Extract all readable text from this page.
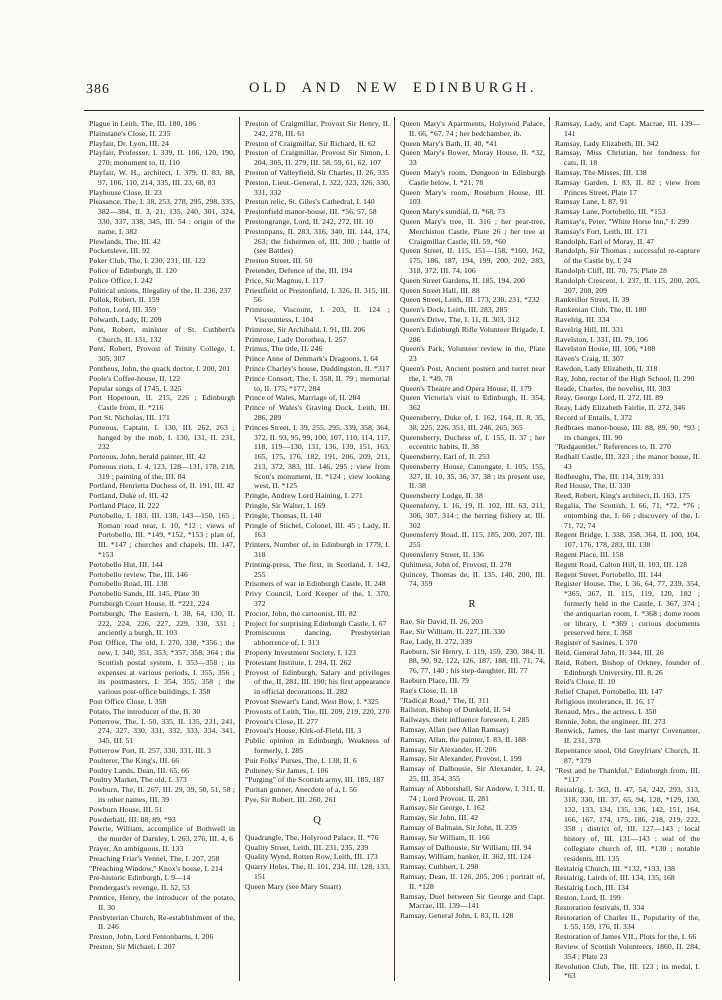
386	OLD AND NEW EDINBURGH.
Plague in Leith, The, III. 180, 186
Plainstane's Close, II. 235
Playfair, Dr. Lyon, III. 24
Playfair, Professor, I. 339, II. 106, 120, 190, 270; monument to, II. 110
Playfair, W. H., architect, I. 379, II. 83, 88, 97, 106, 110, 214, 335, III. 23, 68, 83
Playhouse Close, II. 23
Pleasance, The, I. 38, 253, 278, 295, 298, 335, 382—384, II. 3, 21, 135, 240, 301, 324, 330, 337, 338, 345, III. 54 : origin of the name, I. 382
Plewlands, The, III. 42
Pocketsleve, III. 92
Poker Club, The, I. 230, 231, III. 122
Police of Edinburgh, II. 120
Police Office, I. 242
Political unions, Illegality of the, II. 236, 237
Pollok, Robert, II. 159
Polton, Lord, III. 359
Polwarth, Lady, II. 209
Pont, Robert, minister of St. Cuthbert's Church, II. 131, 132
Pont, Robert, Provost of Trinity College, I. 305, 307
Pontheus, John, the quack doctor, I. 200, 201
Poole's Coffee-house, II. 122
Popular songs of 1745, I. 325
Port Hopetoun, II. 215, 226 ; Edinburgh Castle from, II. *216
Port St. Nicholas, III. 171
Porteous, Captain, I. 130, III. 262, 263 ; hanged by the mob, I. 130, 131, II. 231, 232
Porteous, John, herald painter, III. 42
Porteous riots, I. 4, 123, 128—131, 178, 218, 319 ; painting of the, III. 84
Portland, Henrietta Duchess of, II. 191, III. 42
Portland, Duke of, III. 42
Portland Place, II. 222
Portobello, I. 183, III. 138, 143—150, 165 ; Roman road near, I. 10, *12 ; views of Portobello, III. *149, *152, *153 ; plan of, III. *147 ; churches and chapels, III. 147, *153
Portobello Hut, III. 144
Portobello review, The, III. 146
Portobello Road, III. 138
Portobello Sands, III. 145, Plate 30
Portsburgh Court House, II. *221, 224
Portsburgh, The Eastern, I. 38, 64, 130, II. 222, 224, 226, 227, 229, 330, 331 ; anciently a burgh, II. 103
Post Office, The old, I. 270, 338, *356 ; the new, I. 340, 351, 353, *357, 358, 364 ; the Scottish postal system, I. 353—358 ; its expenses at various periods, I. 355, 356 ; its postmasters, I. 354, 355, 358 ; the various post-office buildings, I. 358
Post Office Close, I. 358
Potato, The introducer of the, II. 30
Potterrow, The, I. 50, 335, II. 135, 231, 241, 274, 327, 330, 331, 332, 333, 334, 341, 345, III. 51
Potterrow Port, II. 257, 330, 331, III. 3
Poulterer, The King's, III. 66
Poultry Lands, Dean, III. 65, 66
Poultry Market, The old, I. 373
Powburn, The, II. 267, III. 29, 39, 50, 51, 58 ; its other names, III. 39
Powburn House, III. 51
Powderhall, III. 88, 89, *93
Powrie, William, accomplice of Bothwell in the murder of Darnley, I. 263, 276, III. 4, 6
Prayer, An ambiguous, II. 133
Preaching Friar's Vennel, The, I. 207, 258
"Preaching Window," Knox's house, I. 214
Pre-historic Edinburgh, I. 9—14
Prendergast's revenge, II. 52, 53
Prentice, Henry, the introducer of the potato, II. 30
Presbyterian Church, Re-establishment of the, II. 246
Preston, John, Lord Fentonbarns, I. 206
Preston, Sir Michael, I. 207
Preston of Craigmillar, Provost Sir Henry, II. 242, 278, III. 61
Preston of Craigmillar, Sir Richard, II. 62
Preston of Craigmillar, Provost Sir Simon, I. 204, 305, II. 279, III. 58, 59, 61, 62, 107
Preston of Valleyfield, Sir Charles, II. 26, 335
Preston, Lieut.-General, I. 322, 323, 326, 330, 331, 332
Preston relic, St. Giles's Cathedral, I. 140
Prestonfield manor-house, III. *56, 57, 58
Prestongrange, Lord, II. 242, 272, III. 10
Prestonpans, II. 283, 316, 340, III. 144, 174, 263; the fishermen of, III. 300 ; battle of (see Battles)
Preston Street, III. 50
Pretender, Defence of the, III. 194
Price, Sir Magnus, I. 117
Priestfield or Prestonfield, I. 326, II. 315, III. 56
Primrose, Viscount, I. 203, II. 124 ; Viscountess, I. 104
Primrose, Sir Archibald, I. 91, III. 206
Primrose, Lady Dorothea, I. 257
Primus, The title, II. 246
Prince Anne of Denmark's Dragoons, I. 64
Prince Charley's house, Duddingston, II. *317
Prince Consort, The, I. 358, II. 79 ; memorial to, II. 175, *177, 284
Prince of Wales, Marriage of, II. 284
Prince of Wales's Graving Dock, Leith, III. 286, 289
Princes Street, I. 39, 255, 295, 339, 358, 364, 372, II. 93, 95, 99, 100, 107, 110, 114, 117, 118, 119—130, 131, 136, 139, 151, 163, 165, 175, 176, 182, 191, 206, 209, 211, 213, 372, 383, III. 146, 295 ; view from Scott's monument, II. *124 ; view looking west, II. *125
Pringle, Andrew Lord Haining, I. 271
Pringle, Sir Walter, I. 169
Pringle, Thomas, II. 140
Pringle of Stichel, Colonel, III. 45 ; Lady, II. 163
Printers, Number of, in Edinburgh in 1779, I. 318
Printing-press, The first, in Scotland, I. 142, 255
Prisoners of war in Edinburgh Castle, II. 248
Privy Council, Lord Keeper of the, I. 370, 372
Proctor, John, the cartoonist, III. 82
Project for surprising Edinburgh Castle, I. 67
Promiscuous dancing, Presbyterian abhorrence of, I. 313
Property Investment Society, I. 123
Protestant Institute, I. 294, II. 262
Provost of Edinburgh, Salary and privileges of the, II. 281, III. 190; his first appearance in official decorations, II. 282
Provost Stewart's Land, West Bow, I. *325
Provosts of Leith, The, III. 209, 219, 220, 270
Provost's Close, II. 277
Provost's House, Kirk-of-Field, III. 3
Public opinion in Edinburgh, Weakness of formerly, I. 285
Puir Folks' Purses, The, I. 138, II. 6
Pulteney, Sir James, I. 106
"Purging" of the Scottish army, III. 185, 187
Puritan gunner, Anecdote of a, I. 56
Pye, Sir Robert, III. 260, 261
Q
Quadrangle, The, Holyrood Palace, II. *76
Quality Street, Leith, III. 231, 235, 239
Quality Wynd, Rotten Row, Leith, III. 173
Quarry Holes, The, II. 101, 234, III. 128, 133, 151
Queen Mary (see Mary Stuart)
Queen Mary's Apartments, Holyrood Palace, II. 66, *67, 74 ; her bedchamber, ib.
Queen Mary's Bath, II. 40, *41
Queen Mary's Bower, Moray House, II. *32, 33
Queen Mary's room, Dungeon in Edinburgh Castle below, I. *21, 78
Queen Mary's room, Roseburn House, III. 103
Queen Mary's sundial, II. *68, 73
Queen Mary's tree, II. 316 ; her pear-tree, Merchiston Castle, Plate 26 ; her tree at Craigmillar Castle, III. 59, *60
Queen Street, II. 115, 151—158, *160, 162, 175, 186, 187, 194, 199, 200, 202, 283, 318, 372, III. 74, 106
Queen Street Gardens, II. 185, 194, 200
Queen Street Hall, III. 88
Queen Street, Leith, III. 173, 230, 231, *232
Queen's Dock, Leith, III. 283, 285
Queen's Drive, The, I. 11, II. 303, 312
Queen's Edinburgh Rifle Volunteer Brigade, I. 286
Queen's Park, Volunteer review in the, Plate 23
Queen's Post, Ancient postern and turret near the, I. *49, 78
Queen's Theatre and Opera House, II. 179
Queen Victoria's visit to Edinburgh, II. 354, 362
Queensberry, Duke of, I. 162, 164, II. 8, 35, 38, 225, 226, 351, III. 246, 265, 365
Queensberry, Duchess of, I. 155, II. 37 ; her eccentric habits, II. 38
Queensberry, Earl of, II. 253
Queensberry House, Canongate, I. 105, 155, 327, II. 10, 35, 36, 37, 38 ; its present use, II. 38
Queensberry Lodge, II. 38
Queensferry, I. 16, 19, II. 102, III. 63, 211, 306, 307, 314 ; the herring fishery at, III. 302
Queensferry Road, II. 115, 185, 200, 207, III. 255
Queensferry Street, II. 136
Quhitness, John of, Provost, II. 278
Quincey, Thomas de, II. 135, 140, 200, III. 74, 359
R
Rae, Sir David, II. 26, 203
Rae, Sir William, II. 227, III. 330
Rae, Lady, II. 272, 339
Raeburn, Sir Henry, I. 119, 159, 230, 384, II. 88, 90, 92, 122, 126, 187, 188, III. 71, 74, 76, 77, 140 ; his step-daughter, III. 77
Raeburn Place, III. 79
Rae's Close, II. 18
"Radical Road," The, II. 311
Railston, Bishop of Dunkeld, II. 54
Railways, their influence foreseen, I. 285
Ramsay, Allan (see Allan Ramsay)
Ramsay, Allan, the painter, I. 83, II. 188
Ramsay, Sir Alexander, II. 206
Ramsay, Sir Alexander, Provost, I. 199
Ramsay of Dalhousie, Sir Alexander, I. 24, 25, III. 354, 355
Ramsay of Abbotshall, Sir Andrew, I. 311, II. 74 ; Lord Provost, II. 281
Ramsay, Sir George, I. 162
Ramsay, Sir John, III. 42
Ramsay of Balmain, Sir John, II. 239
Ramsay, Sir William, II. 166
Ramsay of Dalhousie, Sir William, III. 94
Ramsay, William, banker, II. 362, III. 124
Ramsay, Cuthbert, I. 298
Ramsay, Dean, II. 126, 205, 206 ; portrait of, II. *128
Ramsay, Duel between Sir George and Capt. Macrae, III. 139—141
Ramsay, General John, I. 83, II. 128
Ramsay, Lady, and Capt. Macrae, III. 139—141
Ramsay, Lady Elizabeth, III. 342
Ramsay, Miss Christian, her fondness for cats, II. 18
Ramsay, The Misses, III. 138
Ramsay Garden, I. 83, II. 82 ; view from Princes Street, Plate 17
Ramsay Lane, I. 87, 91
Ramsay Lane, Portobello, III. *153
Ramsay's, Peter, "White Horse Inn," I. 299
Ramsay's Fort, Leith, III. 171
Randolph, Earl of Moray, II. 47
Randolph, Sir Thomas ; successful re-capture of the Castle by, I. 24
Randolph Cliff, III. 70, 75, Plate 28
Randolph Crescent, I. 237, II. 115, 200, 205, 207, 208, 209
Rankeillor Street, II. 39
Rankenian Club, The, II. 180
Ravelrig, III. 334
Ravelrig Hill, III. 331
Ravelston, I. 331, III. 79, 106
Ravelston House, III. 106, *108
Raven's Craig, II. 307
Rawdon, Lady Elizabeth, II. 318
Ray, John, rector of the High School, II. 290
Reade, Charles, the novelist, III. 303
Reay, George Lord, II. 272, III. 89
Reay, Lady Elizabeth Fairlie, II. 272, 346
Record of Entails, I. 372
Redbraes manor-house, III. 88, 89, 90, *93 ; its changes, III. 90
"Redgauntlet," References to, II. 270
Redhall Castle, III. 323 ; the manor house, II. 43
Redheughs, The, III. 114, 319, 331
Red House, The, II. 330
Reed, Robert, King's architect, II. 163, 175
Regalia, The Scottish, I. 66, 71, *72, *76 ; entombing the, I. 66 ; discovery of the, I. 71, 72, 74
Regent Bridge, I. 338, 358, 364, II. 100, 104, 107, 176, 178, 283, III. 138
Regent Place, III. 158
Regent Road, Calton Hill, II. 103, III. 128
Regent Street, Portobello, III. 144
Register House, The, I. 36, 64, 77, 239, 354, *365, 367, II. 115, 119, 120, 182 ; formerly held in the Castle, I. 367, 374 ; the antiquarian room, I. *368 ; dome room or library, I. *369 ; curious documents preserved here, I. 368
Register of Sasines, I. 370
Reid, General John, II. 344, III. 26
Reid, Robert, Bishop of Orkney, founder of Edinburgh University, III. 8, 26
Reid's Close, II. 10
Relief Chapel, Portobello, III. 147
Religious intolerance, II. 16, 17
Renaud, Mrs., the actress, I. 350
Rennie, John, the engineer, III. 273
Renwick, James, the last martyr Covenanter, II. 231, 378
Repentance stool, Old Greyfriars' Church, II. 87, *379
"Rest and be Thankful," Edinburgh from, III. *117
Restalrig, I. 363, II. 47, 54, 242, 293, 313, 318, 330, III. 37, 65, 94, 128, *129, 130, 132, 133, 134, 135, 136, 142, 151, 164, 166, 167, 174, 175, 186, 218, 219, 222, 358 ; district of, III. 127—143 ; local history of, III. 131—143 ; seal of the collegiate church of, III. *130 ; notable residents, III. 135
Restalrig Church, III. *132, *133, 138
Restalrig, Lairds of, III. 134, 135, 168
Restalrig Loch, III. 134
Reston, Lord, II. 199
Restoration festivals, II. 334
Restoration of Charles II., Popularity of the, I. 55, 159, 176, II. 334
Restoration of James VII., Plots for the, I. 66
Review of Scottish Volunteers, 1860, II. 284, 354 ; Plate 23
Revolution Club, The, III. 123 ; its medal, I. *63
